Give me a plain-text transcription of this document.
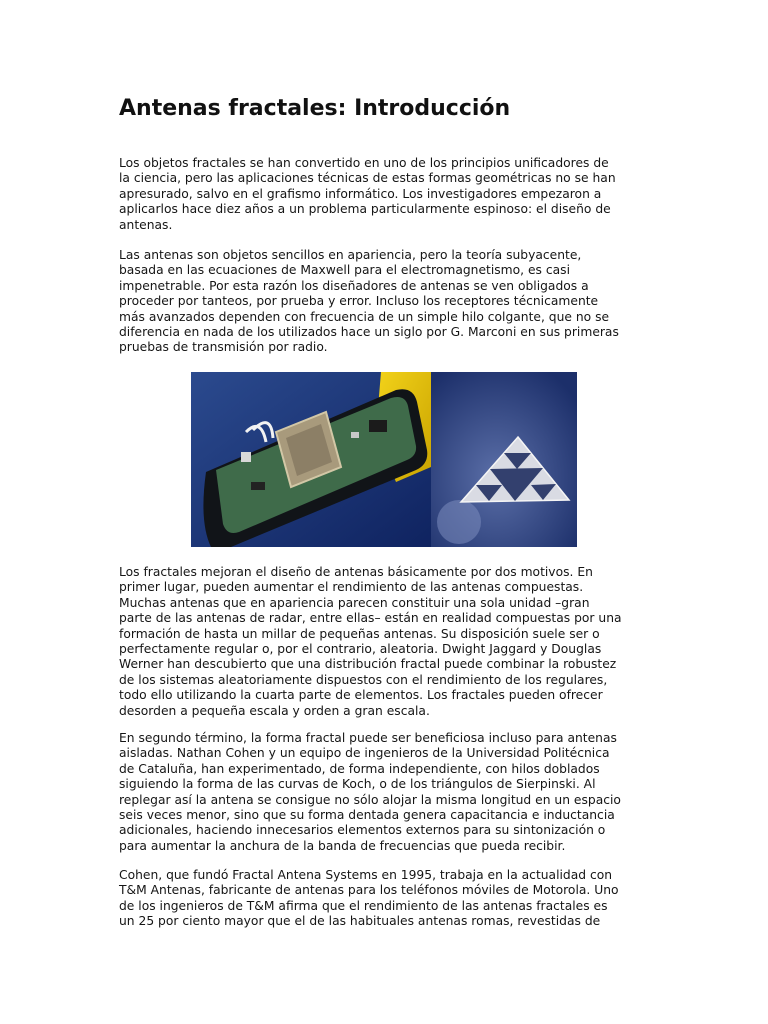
Antenas fractales: Introducción

Los objetos fractales se han convertido en uno de los principios unificadores de
la ciencia, pero las aplicaciones técnicas de estas formas geométricas no se han
apresurado, salvo en el grafismo informático. Los investigadores empezaron a
aplicarlos hace diez años a un problema particularmente espinoso: el diseño de
antenas.

Las antenas son objetos sencillos en apariencia, pero la teoría subyacente,
basada en las ecuaciones de Maxwell para el electromagnetismo, es casi
impenetrable. Por esta razón los diseñadores de antenas se ven obligados a
proceder por tanteos, por prueba y error. Incluso los receptores técnicamente
más avanzados dependen con frecuencia de un simple hilo colgante, que no se
diferencia en nada de los utilizados hace un siglo por G. Marconi en sus primeras
pruebas de transmisión por radio.

Los fractales mejoran el diseño de antenas básicamente por dos motivos. En
primer lugar, pueden aumentar el rendimiento de las antenas compuestas.
Muchas antenas que en apariencia parecen constituir una sola unidad –gran
parte de las antenas de radar, entre ellas– están en realidad compuestas por una
formación de hasta un millar de pequeñas antenas. Su disposición suele ser o
perfectamente regular o, por el contrario, aleatoria. Dwight Jaggard y Douglas
Werner han descubierto que una distribución fractal puede combinar la robustez
de los sistemas aleatoriamente dispuestos con el rendimiento de los regulares,
todo ello utilizando la cuarta parte de elementos. Los fractales pueden ofrecer
desorden a pequeña escala y orden a gran escala.

En segundo término, la forma fractal puede ser beneficiosa incluso para antenas
aisladas. Nathan Cohen y un equipo de ingenieros de la Universidad Politécnica
de Cataluña, han experimentado, de forma independiente, con hilos doblados
siguiendo la forma de las curvas de Koch, o de los triángulos de Sierpinski. Al
replegar así la antena se consigue no sólo alojar la misma longitud en un espacio
seis veces menor, sino que su forma dentada genera capacitancia e inductancia
adicionales, haciendo innecesarios elementos externos para su sintonización o
para aumentar la anchura de la banda de frecuencias que pueda recibir.

Cohen, que fundó Fractal Antena Systems en 1995, trabaja en la actualidad con
T&M Antenas, fabricante de antenas para los teléfonos móviles de Motorola. Uno
de los ingenieros de T&M afirma que el rendimiento de las antenas fractales es
un 25 por ciento mayor que el de las habituales antenas romas, revestidas de
